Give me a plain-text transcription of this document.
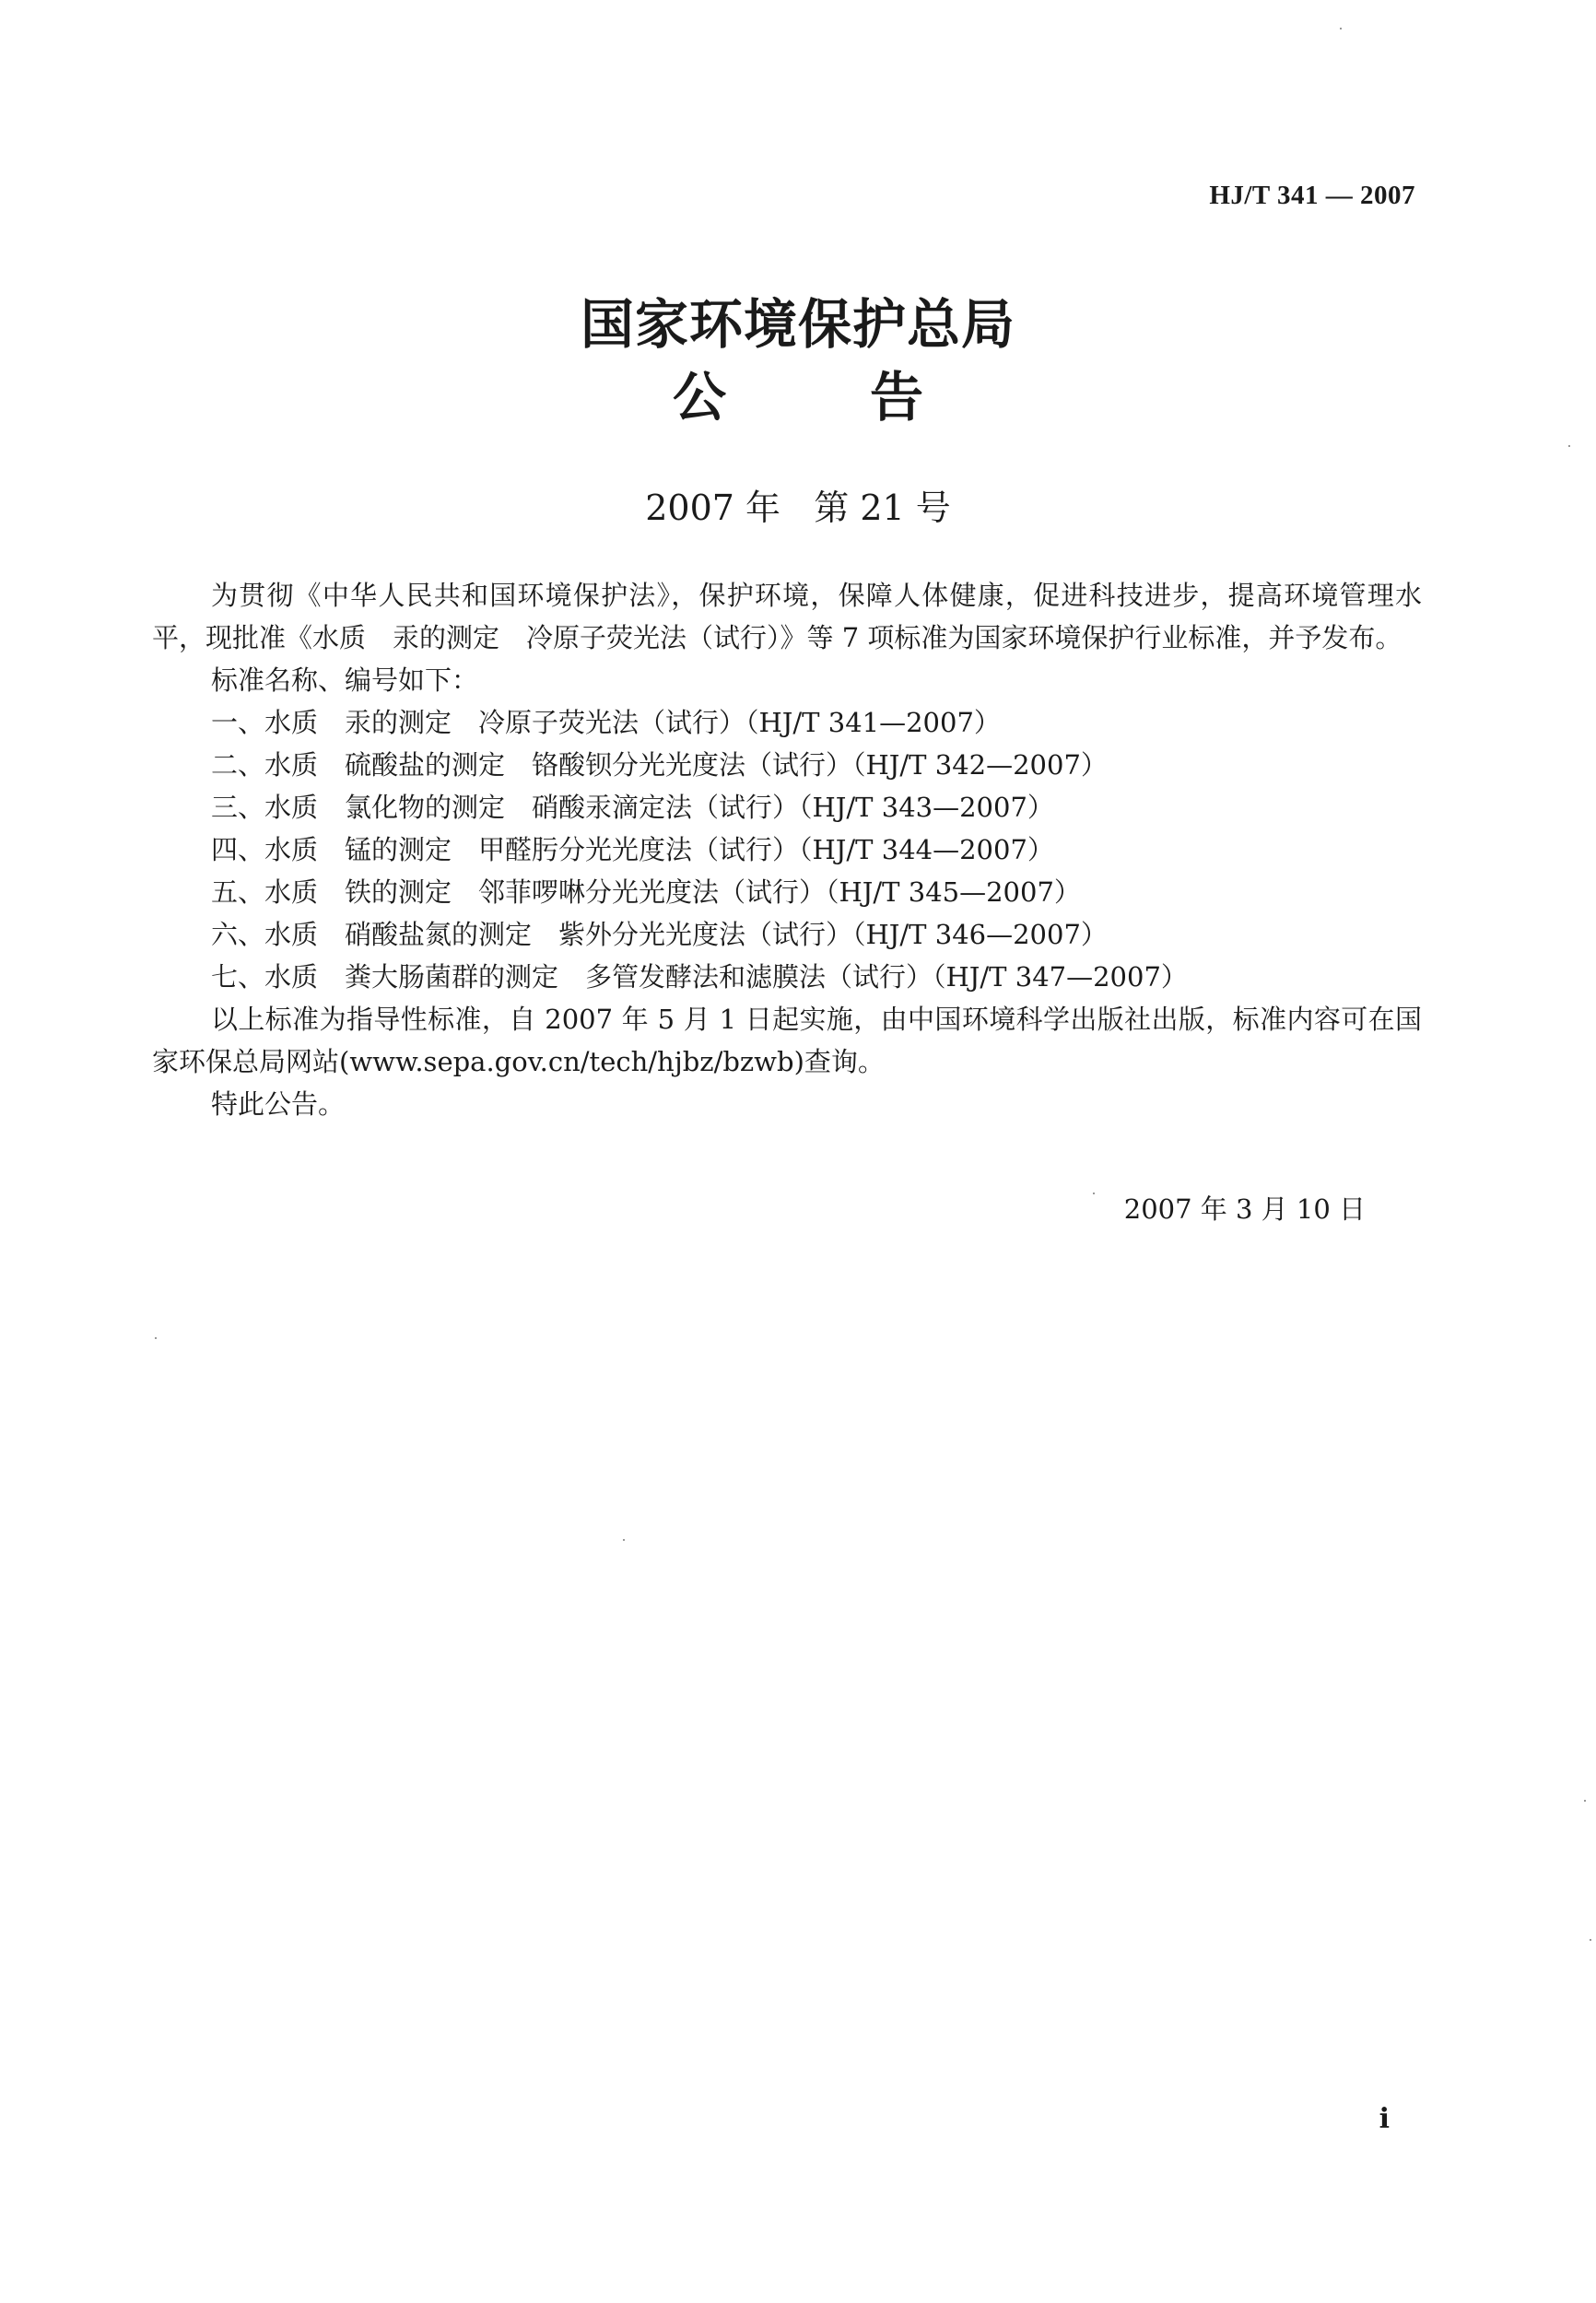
HJ/T 341 — 2007
国家环境保护总局
公	告
2007 年   第 21 号

为贯彻《中华人民共和国环境保护法》，保护环境，保障人体健康，促进科技进步，提高环境管理水平，现批准《水质　汞的测定　冷原子荧光法（试行）》等 7 项标准为国家环境保护行业标准，并予发布。

标准名称、编号如下：

一、水质　汞的测定　冷原子荧光法（试行）（HJ/T 341—2007）

二、水质　硫酸盐的测定　铬酸钡分光光度法（试行）（HJ/T 342—2007）

三、水质　氯化物的测定　硝酸汞滴定法（试行）（HJ/T 343—2007）

四、水质　锰的测定　甲醛肟分光光度法（试行）（HJ/T 344—2007）

五、水质　铁的测定　邻菲啰啉分光光度法（试行）（HJ/T 345—2007）

六、水质　硝酸盐氮的测定　紫外分光光度法（试行）（HJ/T 346—2007）

七、水质　粪大肠菌群的测定　多管发酵法和滤膜法（试行）（HJ/T 347—2007）

以上标准为指导性标准，自 2007 年 5 月 1 日起实施，由中国环境科学出版社出版，标准内容可在国家环保总局网站(www.sepa.gov.cn/tech/hjbz/bzwb)查询。

特此公告。

2007 年 3 月 10 日
i
